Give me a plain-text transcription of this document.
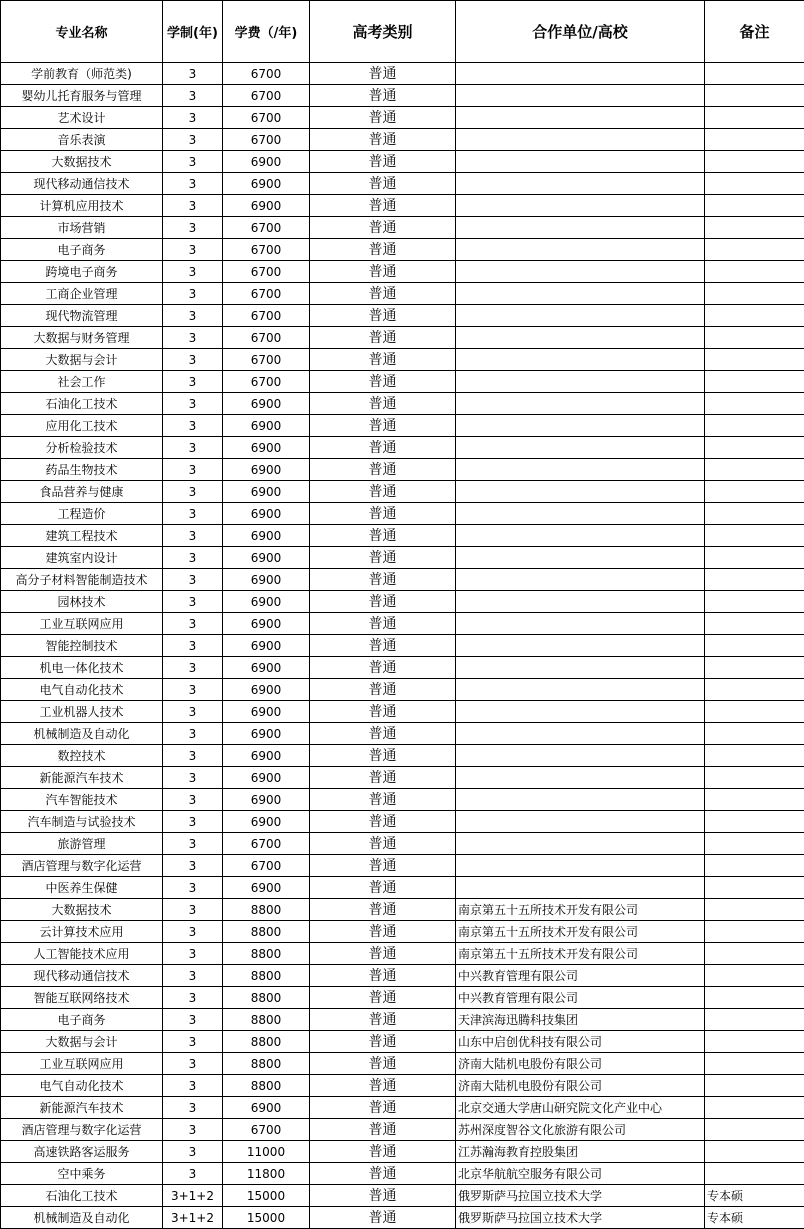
专业名称	学制(年)	学费（/年)	高考类别	合作单位/高校	备注
学前教育（师范类)	3	6700	普通		
婴幼儿托育服务与管理	3	6700	普通		
艺术设计	3	6700	普通		
音乐表演	3	6700	普通		
大数据技术	3	6900	普通		
现代移动通信技术	3	6900	普通		
计算机应用技术	3	6900	普通		
市场营销	3	6700	普通		
电子商务	3	6700	普通		
跨境电子商务	3	6700	普通		
工商企业管理	3	6700	普通		
现代物流管理	3	6700	普通		
大数据与财务管理	3	6700	普通		
大数据与会计	3	6700	普通		
社会工作	3	6700	普通		
石油化工技术	3	6900	普通		
应用化工技术	3	6900	普通		
分析检验技术	3	6900	普通		
药品生物技术	3	6900	普通		
食品营养与健康	3	6900	普通		
工程造价	3	6900	普通		
建筑工程技术	3	6900	普通		
建筑室内设计	3	6900	普通		
高分子材料智能制造技术	3	6900	普通		
园林技术	3	6900	普通		
工业互联网应用	3	6900	普通		
智能控制技术	3	6900	普通		
机电一体化技术	3	6900	普通		
电气自动化技术	3	6900	普通		
工业机器人技术	3	6900	普通		
机械制造及自动化	3	6900	普通		
数控技术	3	6900	普通		
新能源汽车技术	3	6900	普通		
汽车智能技术	3	6900	普通		
汽车制造与试验技术	3	6900	普通		
旅游管理	3	6700	普通		
酒店管理与数字化运营	3	6700	普通		
中医养生保健	3	6900	普通		
大数据技术	3	8800	普通	南京第五十五所技术开发有限公司	
云计算技术应用	3	8800	普通	南京第五十五所技术开发有限公司	
人工智能技术应用	3	8800	普通	南京第五十五所技术开发有限公司	
现代移动通信技术	3	8800	普通	中兴教育管理有限公司	
智能互联网络技术	3	8800	普通	中兴教育管理有限公司	
电子商务	3	8800	普通	天津滨海迅腾科技集团	
大数据与会计	3	8800	普通	山东中启创优科技有限公司	
工业互联网应用	3	8800	普通	济南大陆机电股份有限公司	
电气自动化技术	3	8800	普通	济南大陆机电股份有限公司	
新能源汽车技术	3	6900	普通	北京交通大学唐山研究院文化产业中心	
酒店管理与数字化运营	3	6700	普通	苏州深度智谷文化旅游有限公司	
高速铁路客运服务	3	11000	普通	江苏瀚海教育控股集团	
空中乘务	3	11800	普通	北京华航航空服务有限公司	
石油化工技术	3+1+2	15000	普通	俄罗斯萨马拉国立技术大学	专本硕
机械制造及自动化	3+1+2	15000	普通	俄罗斯萨马拉国立技术大学	专本硕
